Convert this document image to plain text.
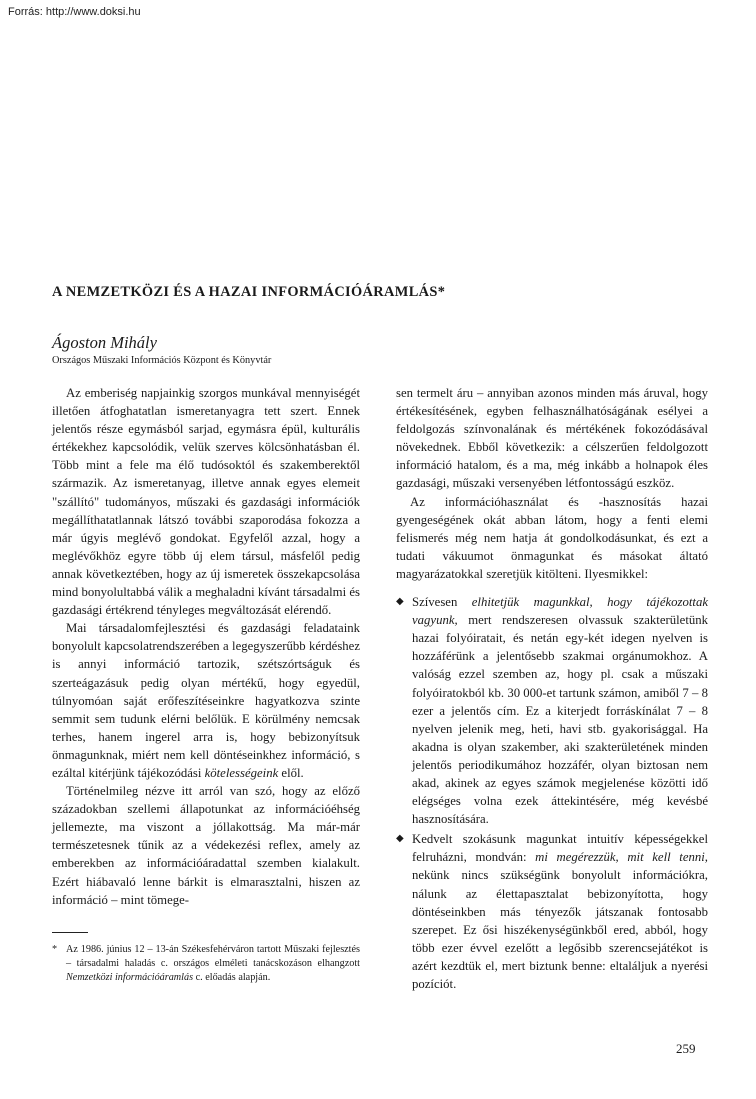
Forrás: http://www.doksi.hu
A NEMZETKÖZI ÉS A HAZAI INFORMÁCIÓÁRAMLÁS*
Ágoston Mihály
Országos Műszaki Információs Központ és Könyvtár

Az emberiség napjainkig szorgos munkával mennyiségét illetően átfoghatatlan ismeretanyagra tett szert. Ennek jelentős része egymásból sarjad, egymásra épül, kulturális értékekhez kapcsolódik, velük szerves kölcsönhatásban él. Több mint a fele ma élő tudósoktól és szakemberektől származik. Az ismeretanyag, illetve annak egyes elemeit "szállító" tudományos, műszaki és gazdasági információk megállíthatatlannak látszó további szaporodása fokozza a már úgyis meglévő gondokat. Egyfelől azzal, hogy a meglévőkhöz egyre több új elem társul, másfelől pedig annak következtében, hogy az új ismeretek összekapcsolása mind bonyolultabbá válik a meghaladni kívánt társadalmi és gazdasági értékrend tényleges megváltozását elérendő.

Mai társadalomfejlesztési és gazdasági feladataink bonyolult kapcsolatrendszerében a legegyszerűbb kérdéshez is annyi információ tartozik, szétszórtságuk és szerteágazásuk pedig olyan mértékű, hogy egyedül, túlnyomóan saját erőfeszítéseinkre hagyatkozva szinte semmit sem tudunk elérni belőlük. E körülmény nemcsak terhes, hanem ingerel arra is, hogy bebizonyítsuk önmagunknak, miért nem kell döntéseinkhez információ, s ezáltal kitérjünk tájékozódási kötelességeink elől.

Történelmileg nézve itt arról van szó, hogy az előző századokban szellemi állapotunkat az információéhség jellemezte, ma viszont a jóllakottság. Ma már-már természetesnek tűnik az a védekezési reflex, amely az emberekben az információáradattal szemben kialakult. Ezért hiábavaló lenne bárkit is elmarasztalni, hiszen az információ – mint tömege-

sen termelt áru – annyiban azonos minden más áruval, hogy értékesítésének, egyben felhasználhatóságának esélyei a feldolgozás színvonalának és mértékének fokozódásával növekednek. Ebből következik: a célszerűen feldolgozott információ hatalom, és a ma, még inkább a holnapok éles gazdasági, műszaki versenyében létfontosságú eszköz.

Az információhasználat és -hasznosítás hazai gyengeségének okát abban látom, hogy a fenti elemi felismerés még nem hatja át gondolkodásunkat, és ezt a tudati vákuumot önmagunkat és másokat áltató magyarázatokkal szeretjük kitölteni. Ilyesmikkel:

◆ Szívesen elhitetjük magunkkal, hogy tájékozottak vagyunk, mert rendszeresen olvassuk szakterületünk hazai folyóiratait, és netán egy-két idegen nyelven is hozzáférünk a jelentősebb szakmai orgánumokhoz. A valóság ezzel szemben az, hogy pl. csak a műszaki folyóiratokból kb. 30 000-et tartunk számon, amiből 7 – 8 ezer a jelentős cím. Ez a kiterjedt forráskínálat 7 – 8 nyelven jelenik meg, heti, havi stb. gyakorisággal. Ha akadna is olyan szakember, aki szakterületének minden jelentős periodikumához hozzáfér, olyan biztosan nem akad, akinek az egyes számok megjelenése közötti idő elégséges volna ezek áttekintésére, még kevésbé hasznosítására.
◆ Kedvelt szokásunk magunkat intuitív képességekkel felruházni, mondván: mi megérezzük, mit kell tenni, nekünk nincs szükségünk bonyolult információkra, nálunk az élettapasztalat bebizonyította, hogy döntéseinkben más tényezők játszanak fontosabb szerepet. Ez ősi hiszékenységünkből ered, abból, hogy több ezer évvel ezelőtt a legősibb szerencsejátékot is azért kezdtük el, mert biztunk benne: eltaláljuk a nyerési pozíciót.
* Az 1986. június 12 – 13-án Székesfehérváron tartott Műszaki fejlesztés – társadalmi haladás c. országos elméleti tanácskozáson elhangzott Nemzetközi információáramlás c. előadás alapján.
259
